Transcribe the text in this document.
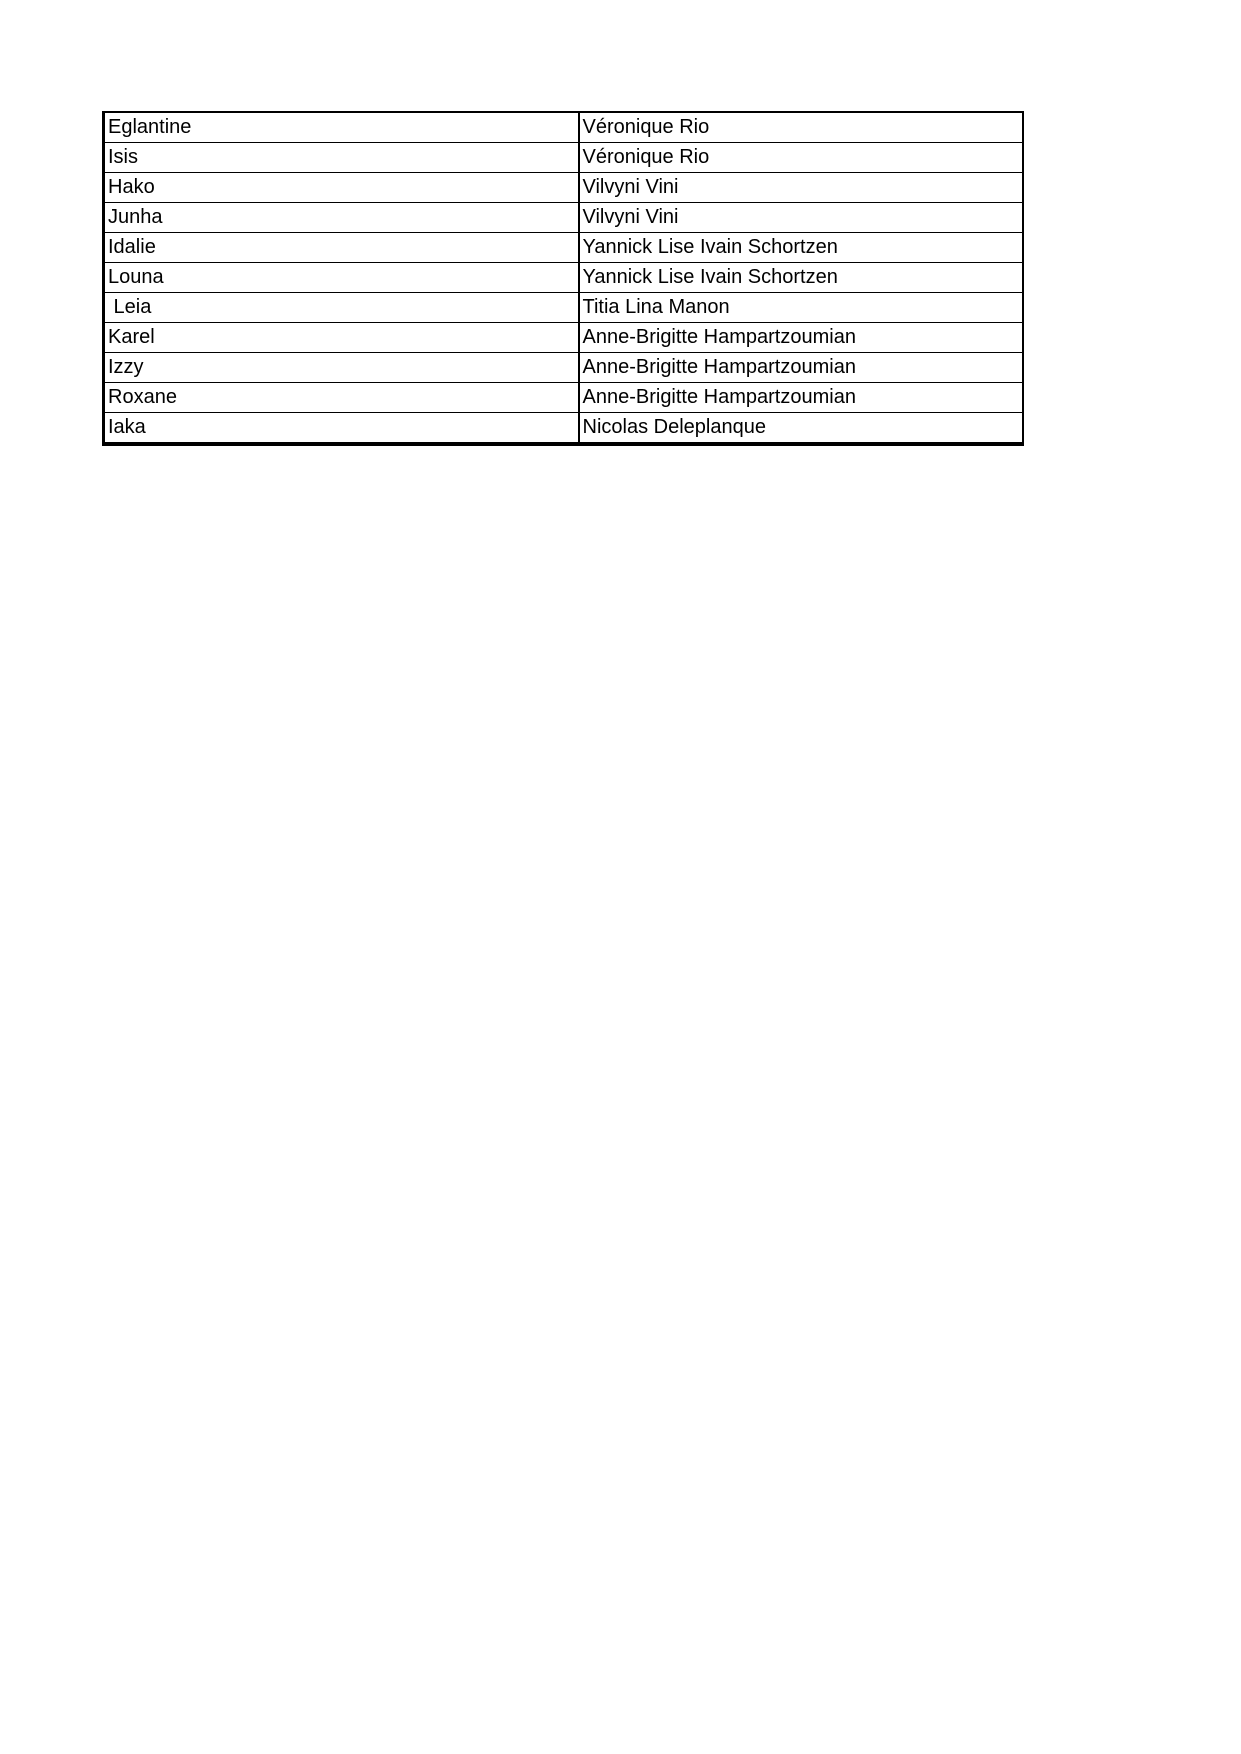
Eglantine	Véronique Rio
Isis	Véronique Rio
Hako	Vilvyni Vini
Junha	Vilvyni Vini
Idalie	Yannick Lise Ivain Schortzen
Louna	Yannick Lise Ivain Schortzen
Leia	Titia Lina Manon
Karel	Anne-Brigitte Hampartzoumian
Izzy	Anne-Brigitte Hampartzoumian
Roxane	Anne-Brigitte Hampartzoumian
Iaka	Nicolas Deleplanque
